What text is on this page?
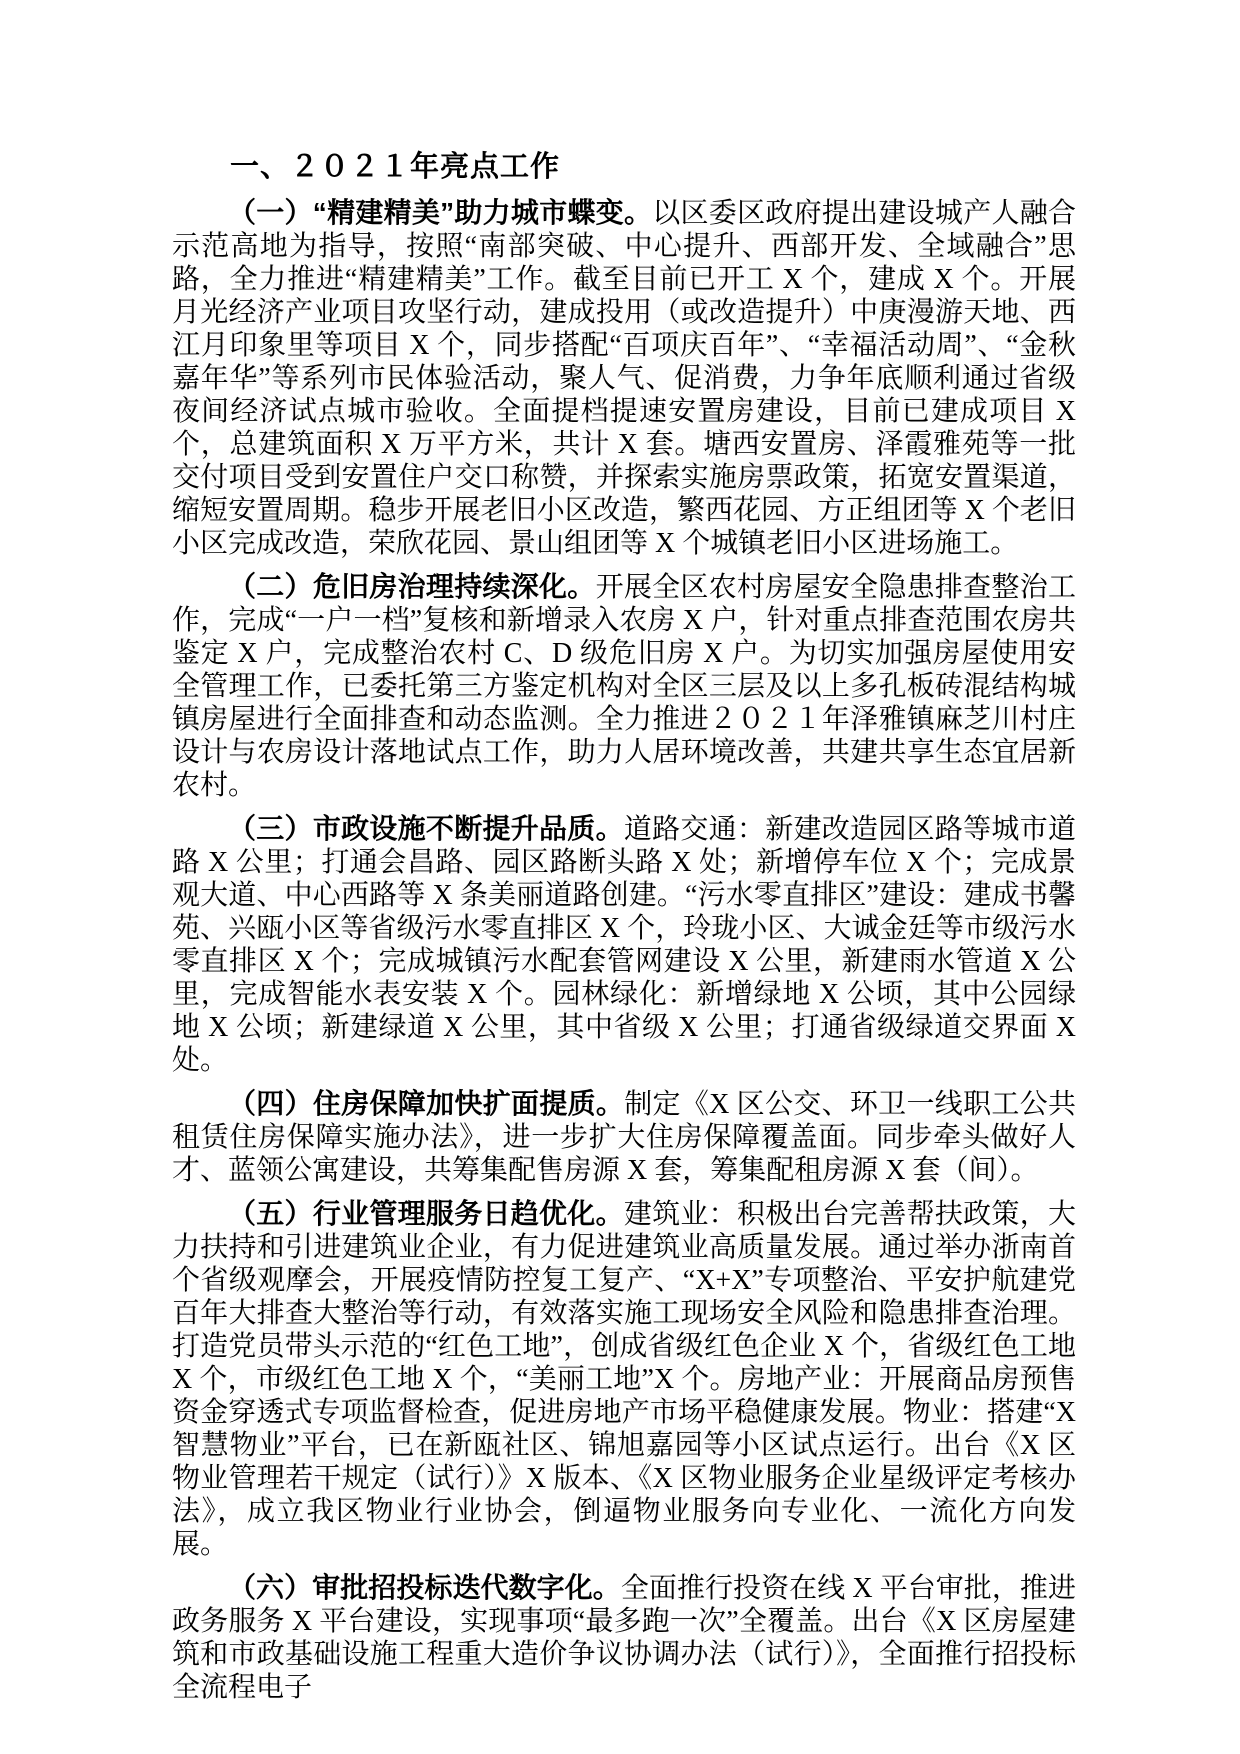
一、２０２１年亮点工作

（一）“精建精美”助力城市蝶变。以区委区政府提出建设城产人融合示范高地为指导，按照“南部突破、中心提升、西部开发、全域融合”思路，全力推进“精建精美”工作。截至目前已开工 X 个，建成 X 个。开展月光经济产业项目攻坚行动，建成投用（或改造提升）中庚漫游天地、西江月印象里等项目 X 个，同步搭配“百项庆百年”、“幸福活动周”、“金秋嘉年华”等系列市民体验活动，聚人气、促消费，力争年底顺利通过省级夜间经济试点城市验收。全面提档提速安置房建设，目前已建成项目 X 个，总建筑面积 X 万平方米，共计 X 套。塘西安置房、泽霞雅苑等一批交付项目受到安置住户交口称赞，并探索实施房票政策，拓宽安置渠道，缩短安置周期。稳步开展老旧小区改造，繁西花园、方正组团等 X 个老旧小区完成改造，荣欣花园、景山组团等 X 个城镇老旧小区进场施工。

（二）危旧房治理持续深化。开展全区农村房屋安全隐患排查整治工作，完成“一户一档”复核和新增录入农房 X 户，针对重点排查范围农房共鉴定 X 户，完成整治农村 C、D 级危旧房 X 户。为切实加强房屋使用安全管理工作，已委托第三方鉴定机构对全区三层及以上多孔板砖混结构城镇房屋进行全面排查和动态监测。全力推进２０２１年泽雅镇麻芝川村庄设计与农房设计落地试点工作，助力人居环境改善，共建共享生态宜居新农村。

（三）市政设施不断提升品质。道路交通：新建改造园区路等城市道路 X 公里；打通会昌路、园区路断头路 X 处；新增停车位 X 个；完成景观大道、中心西路等 X 条美丽道路创建。“污水零直排区”建设：建成书馨苑、兴瓯小区等省级污水零直排区 X 个，玲珑小区、大诚金廷等市级污水零直排区 X 个；完成城镇污水配套管网建设 X 公里，新建雨水管道 X 公里，完成智能水表安装 X 个。园林绿化：新增绿地 X 公顷，其中公园绿地 X 公顷；新建绿道 X 公里，其中省级 X 公里；打通省级绿道交界面 X 处。

（四）住房保障加快扩面提质。制定《X 区公交、环卫一线职工公共租赁住房保障实施办法》，进一步扩大住房保障覆盖面。同步牵头做好人才、蓝领公寓建设，共筹集配售房源 X 套，筹集配租房源 X 套（间）。

（五）行业管理服务日趋优化。建筑业：积极出台完善帮扶政策，大力扶持和引进建筑业企业，有力促进建筑业高质量发展。通过举办浙南首个省级观摩会，开展疫情防控复工复产、“X+X”专项整治、平安护航建党百年大排查大整治等行动，有效落实施工现场安全风险和隐患排查治理。打造党员带头示范的“红色工地”，创成省级红色企业 X 个，省级红色工地 X 个，市级红色工地 X 个，“美丽工地”X 个。房地产业：开展商品房预售资金穿透式专项监督检查，促进房地产市场平稳健康发展。物业：搭建“X 智慧物业”平台，已在新瓯社区、锦旭嘉园等小区试点运行。出台《X 区物业管理若干规定（试行）》X 版本、《X 区物业服务企业星级评定考核办法》，成立我区物业行业协会，倒逼物业服务向专业化、一流化方向发展。

（六）审批招投标迭代数字化。全面推行投资在线 X 平台审批，推进政务服务 X 平台建设，实现事项“最多跑一次”全覆盖。出台《X 区房屋建筑和市政基础设施工程重大造价争议协调办法（试行）》，全面推行招投标全流程电子
